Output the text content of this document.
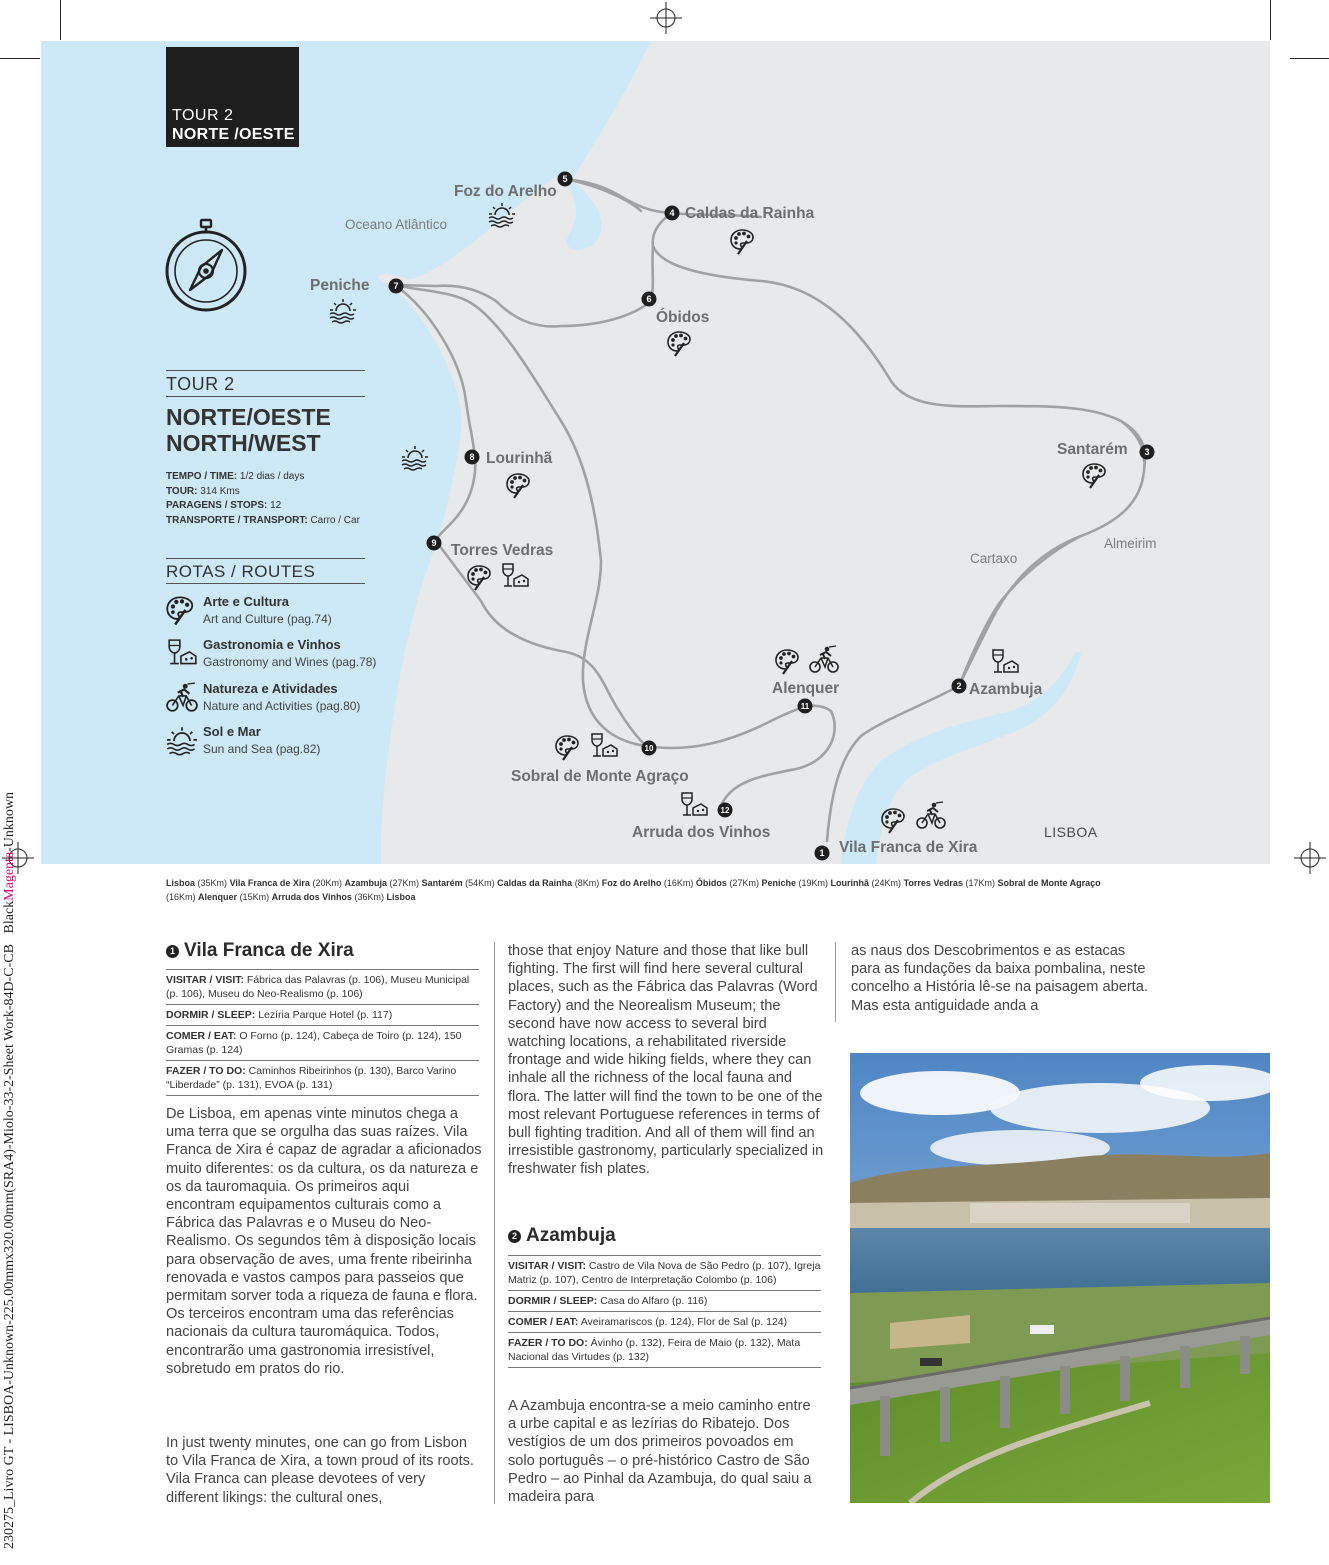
5
4
6
7
8
9
3
2
11
10
12
1
Foz do Arelho
Caldas da Rainha
Óbidos
Peniche
Lourinhã
Torres Vedras
Santarém
Azambuja
Alenquer
Sobral de Monte Agraço
Arruda dos Vinhos
Vila Franca de Xira
Oceano Atlântico
Cartaxo
Almeirim
LISBOA
TOUR 2
NORTE /OESTE
TOUR 2
NORTE/OESTE
NORTH/WEST
TEMPO / TIME: 1/2 dias / days
TOUR: 314 Kms
PARAGENS / STOPS: 12
TRANSPORTE / TRANSPORT: Carro / Car
ROTAS / ROUTES
Arte e Cultura
Art and Culture (pag.74)
Gastronomia e Vinhos
Gastronomy and Wines (pag.78)
Natureza e Atividades
Nature and Activities (pag.80)
Sol e Mar
Sun and Sea (pag.82)
Lisboa (35Km) Vila Franca de Xira (20Km) Azambuja (27Km) Santarém (54Km) Caldas da Rainha (8Km) Foz do Arelho (16Km) Óbidos (27Km) Peniche (19Km) Lourinhã (24Km) Torres Vedras (17Km) Sobral de Monte Agraço (16Km) Alenquer (15Km) Arruda dos Vinhos (36Km) Lisboa
1 Vila Franca de Xira
VISITAR / VISIT: Fábrica das Palavras (p. 106), Museu Municipal (p. 106), Museu do Neo-Realismo (p. 106)
DORMIR / SLEEP: Lezíria Parque Hotel (p. 117)
COMER / EAT: O Forno (p. 124), Cabeça de Toiro (p. 124), 150 Gramas (p. 124)
FAZER / TO DO: Caminhos Ribeirinhos (p. 130), Barco Varino “Liberdade” (p. 131), EVOA (p. 131)
De Lisboa, em apenas vinte minutos chega a uma terra que se orgulha das suas raízes. Vila Franca de Xira é capaz de agradar a aficionados muito diferentes: os da cultura, os da natureza e os da tauromaquia. Os primeiros aqui encontram equipamentos culturais como a Fábrica das Palavras e o Museu do Neo-Realismo. Os segundos têm à disposição locais para observação de aves, uma frente ribeirinha renovada e vastos campos para passeios que permitam sorver toda a riqueza de fauna e flora. Os terceiros encontram uma das referências nacionais da cultura tauromáquica. Todos, encontrarão uma gastronomia irresistível, sobretudo em pratos do rio.
In just twenty minutes, one can go from Lisbon to Vila Franca de Xira, a town proud of its roots. Vila Franca can please devotees of very different likings: the cultural ones,
those that enjoy Nature and those that like bull fighting. The first will find here several cultural places, such as the Fábrica das Palavras (Word Factory) and the Neorealism Museum; the second have now access to several bird watching locations, a rehabilitated riverside frontage and wide hiking fields, where they can inhale all the richness of the local fauna and flora. The latter will find the town to be one of the most relevant Portuguese references in terms of bull fighting tradition. And all of them will find an irresistible gastronomy, particularly specialized in freshwater fish plates.
2 Azambuja
VISITAR / VISIT: Castro de Vila Nova de São Pedro (p. 107), Igreja Matriz (p. 107), Centro de Interpretação Colombo (p. 106)
DORMIR / SLEEP: Casa do Alfaro (p. 116)
COMER / EAT: Aveiramariscos (p. 124), Flor de Sal (p. 124)
FAZER / TO DO: Ávinho (p. 132), Feira de Maio (p. 132), Mata Nacional das Virtudes (p. 132)
A Azambuja encontra-se a meio caminho entre a urbe capital e as lezírias do Ribatejo. Dos vestígios de um dos primeiros povoados em solo português – o pré-histórico Castro de São Pedro – ao Pinhal da Azambuja, do qual saiu a madeira para
as naus dos Descobrimentos e as estacas para as fundações da baixa pombalina, neste concelho a História lê-se na paisagem aberta. Mas esta antiguidade anda a
230275_Livro GT - LISBOA-Unknown-225.00mmx320.00mm(SRA4)-Miolo-33-2-Sheet Work-84D-C-CB   BlackMagenta-Unknown
